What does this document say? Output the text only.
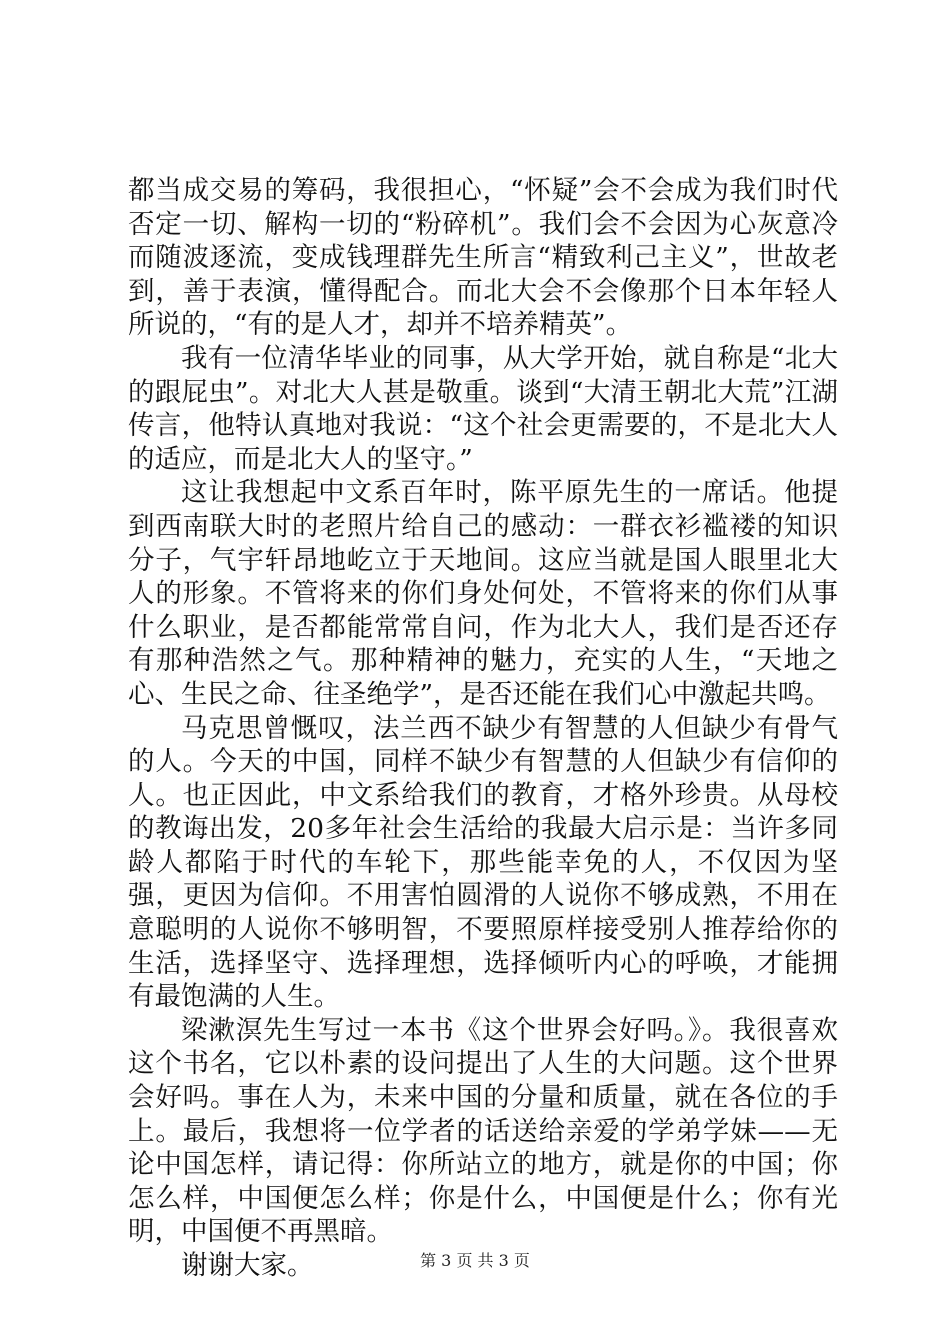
都当成交易的筹码，我很担心，“怀疑”会不会成为我们时代否定一切、解构一切的“粉碎机”。我们会不会因为心灰意冷而随波逐流，变成钱理群先生所言“精致利己主义”，世故老到，善于表演，懂得配合。而北大会不会像那个日本年轻人所说的，“有的是人才，却并不培养精英”。

我有一位清华毕业的同事，从大学开始，就自称是“北大的跟屁虫”。对北大人甚是敬重。谈到“大清王朝北大荒”江湖传言，他特认真地对我说：“这个社会更需要的，不是北大人的适应，而是北大人的坚守。”

这让我想起中文系百年时，陈平原先生的一席话。他提到西南联大时的老照片给自己的感动：一群衣衫褴褛的知识分子，气宇轩昂地屹立于天地间。这应当就是国人眼里北大人的形象。不管将来的你们身处何处，不管将来的你们从事什么职业，是否都能常常自问，作为北大人，我们是否还存有那种浩然之气。那种精神的魅力，充实的人生，“天地之心、生民之命、往圣绝学”，是否还能在我们心中激起共鸣。

马克思曾慨叹，法兰西不缺少有智慧的人但缺少有骨气的人。今天的中国，同样不缺少有智慧的人但缺少有信仰的人。也正因此，中文系给我们的教育，才格外珍贵。从母校的教诲出发，20多年社会生活给的我最大启示是：当许多同龄人都陷于时代的车轮下，那些能幸免的人，不仅因为坚强，更因为信仰。不用害怕圆滑的人说你不够成熟，不用在意聪明的人说你不够明智，不要照原样接受别人推荐给你的生活，选择坚守、选择理想，选择倾听内心的呼唤，才能拥有最饱满的人生。

梁漱溟先生写过一本书《这个世界会好吗。》。我很喜欢这个书名，它以朴素的设问提出了人生的大问题。这个世界会好吗。事在人为，未来中国的分量和质量，就在各位的手上。最后，我想将一位学者的话送给亲爱的学弟学妹——无论中国怎样，请记得：你所站立的地方，就是你的中国；你怎么样，中国便怎么样；你是什么，中国便是什么；你有光明，中国便不再黑暗。

谢谢大家。	第 3 页 共 3 页
